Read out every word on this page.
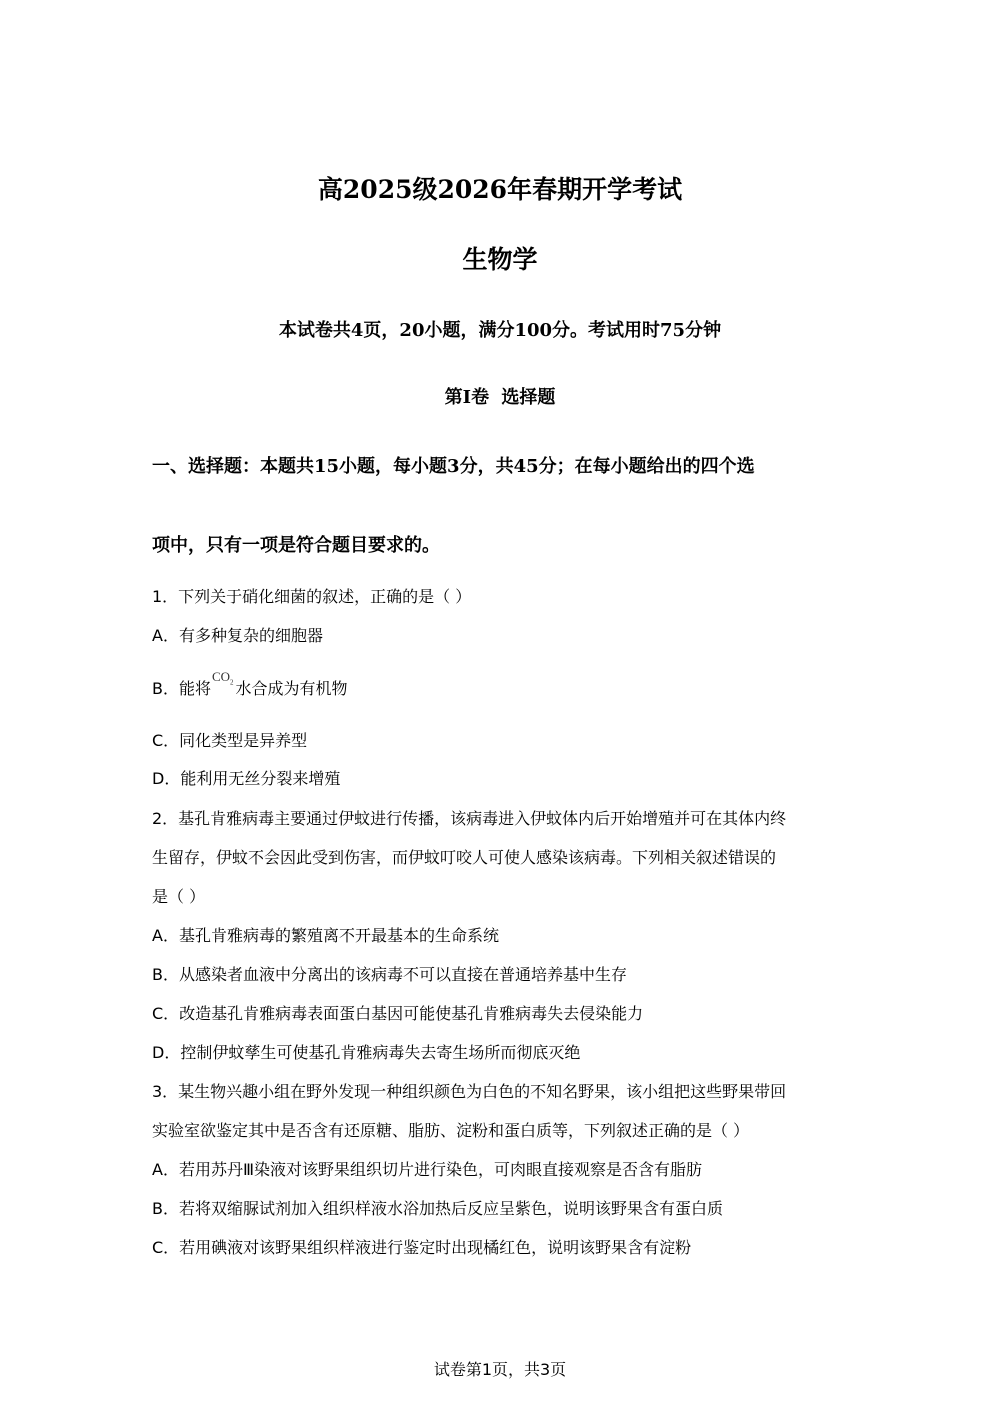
高2025级2026年春期开学考试
生物学
本试卷共4页，20小题，满分100分。考试用时75分钟
第Ⅰ卷 选择题
一、选择题：本题共15小题，每小题3分，共45分；在每小题给出的四个选
项中，只有一项是符合题目要求的。
1．下列关于硝化细菌的叙述，正确的是（ ）
A．有多种复杂的细胞器
B．能将$^{CO_2}$ 水合成为有机物
C．同化类型是异养型
D．能利用无丝分裂来增殖
2．基孔肯雅病毒主要通过伊蚊进行传播，该病毒进入伊蚊体内后开始增殖并可在其体内终
生留存，伊蚊不会因此受到伤害，而伊蚊叮咬人可使人感染该病毒。下列相关叙述错误的
是（ ）
A．基孔肯雅病毒的繁殖离不开最基本的生命系统
B．从感染者血液中分离出的该病毒不可以直接在普通培养基中生存
C．改造基孔肯雅病毒表面蛋白基因可能使基孔肯雅病毒失去侵染能力
D．控制伊蚊孳生可使基孔肯雅病毒失去寄生场所而彻底灭绝
3．某生物兴趣小组在野外发现一种组织颜色为白色的不知名野果，该小组把这些野果带回
实验室欲鉴定其中是否含有还原糖、脂肪、淀粉和蛋白质等，下列叙述正确的是（ ）
A．若用苏丹Ⅲ染液对该野果组织切片进行染色，可肉眼直接观察是否含有脂肪
B．若将双缩脲试剂加入组织样液水浴加热后反应呈紫色，说明该野果含有蛋白质
C．若用碘液对该野果组织样液进行鉴定时出现橘红色，说明该野果含有淀粉
试卷第1页，共3页
